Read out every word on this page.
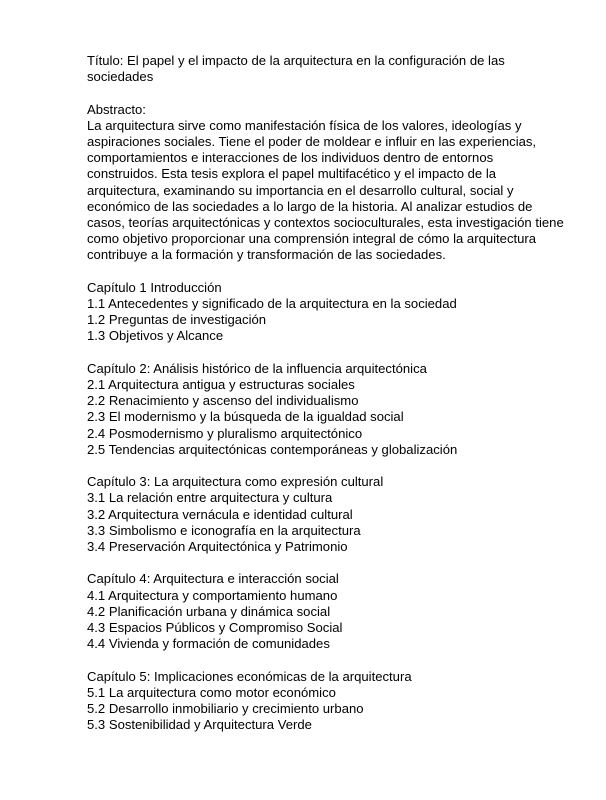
Título: El papel y el impacto de la arquitectura en la configuración de las
sociedades
Abstracto:
La arquitectura sirve como manifestación física de los valores, ideologías y
aspiraciones sociales. Tiene el poder de moldear e influir en las experiencias,
comportamientos e interacciones de los individuos dentro de entornos
construidos. Esta tesis explora el papel multifacético y el impacto de la
arquitectura, examinando su importancia en el desarrollo cultural, social y
económico de las sociedades a lo largo de la historia. Al analizar estudios de
casos, teorías arquitectónicas y contextos socioculturales, esta investigación tiene
como objetivo proporcionar una comprensión integral de cómo la arquitectura
contribuye a la formación y transformación de las sociedades.
Capítulo 1 Introducción
1.1 Antecedentes y significado de la arquitectura en la sociedad
1.2 Preguntas de investigación
1.3 Objetivos y Alcance
Capítulo 2: Análisis histórico de la influencia arquitectónica
2.1 Arquitectura antigua y estructuras sociales
2.2 Renacimiento y ascenso del individualismo
2.3 El modernismo y la búsqueda de la igualdad social
2.4 Posmodernismo y pluralismo arquitectónico
2.5 Tendencias arquitectónicas contemporáneas y globalización
Capítulo 3: La arquitectura como expresión cultural
3.1 La relación entre arquitectura y cultura
3.2 Arquitectura vernácula e identidad cultural
3.3 Simbolismo e iconografía en la arquitectura
3.4 Preservación Arquitectónica y Patrimonio
Capítulo 4: Arquitectura e interacción social
4.1 Arquitectura y comportamiento humano
4.2 Planificación urbana y dinámica social
4.3 Espacios Públicos y Compromiso Social
4.4 Vivienda y formación de comunidades
Capítulo 5: Implicaciones económicas de la arquitectura
5.1 La arquitectura como motor económico
5.2 Desarrollo inmobiliario y crecimiento urbano
5.3 Sostenibilidad y Arquitectura Verde
